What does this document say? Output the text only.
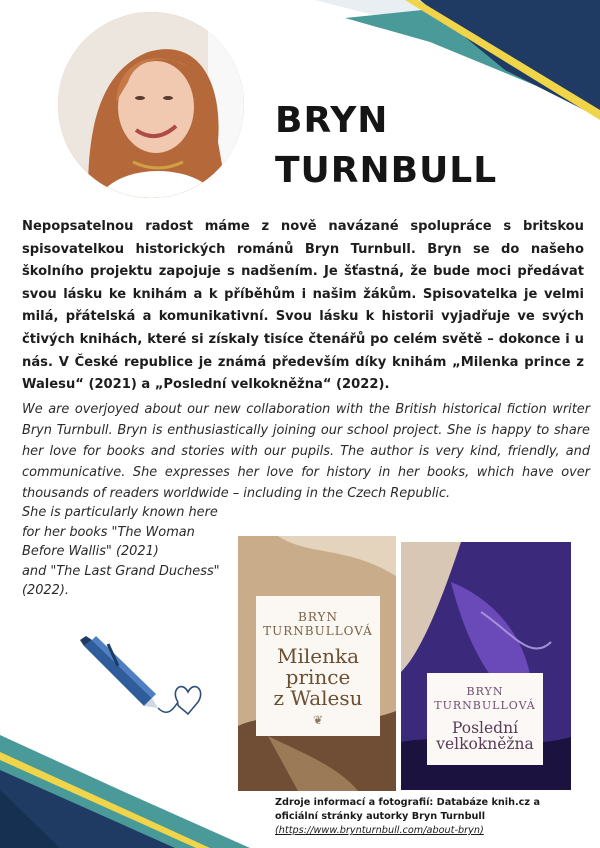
BRYN
TURNBULL
Nepopsatelnou radost máme z nově navázané spolupráce s britskou spisovatelkou historických románů Bryn Turnbull. Bryn se do našeho školního projektu zapojuje s nadšením. Je šťastná, že bude moci předávat svou lásku ke knihám a k příběhům i našim žákům. Spisovatelka je velmi milá, přátelská a komunikativní. Svou lásku k historii vyjadřuje ve svých čtivých knihách, které si získaly tisíce čtenářů po celém světě – dokonce i u nás. V České republice je známá především díky knihám „Milenka prince z Walesu“ (2021) a „Poslední velkokněžna“ (2022).
We are overjoyed about our new collaboration with the British historical fiction writer Bryn Turnbull. Bryn is enthusiastically joining our school project. She is happy to share her love for books and stories with our pupils. The author is very kind, friendly, and communicative. She expresses her love for history in her books, which have over thousands of readers worldwide – including in the Czech Republic.
She is particularly known here
for her books "The Woman
Before Wallis" (2021)
and "The Last Grand Duchess"
(2022).
BRYN TURNBULLOVÁ
Milenka
prince
z Walesu
❦
BRYN TURNBULLOVÁ
Poslední
velkokněžna
Zdroje informací a fotografií: Databáze knih.cz a oficiální stránky autorky Bryn Turnbull
(https://www.brynturnbull.com/about-bryn)
